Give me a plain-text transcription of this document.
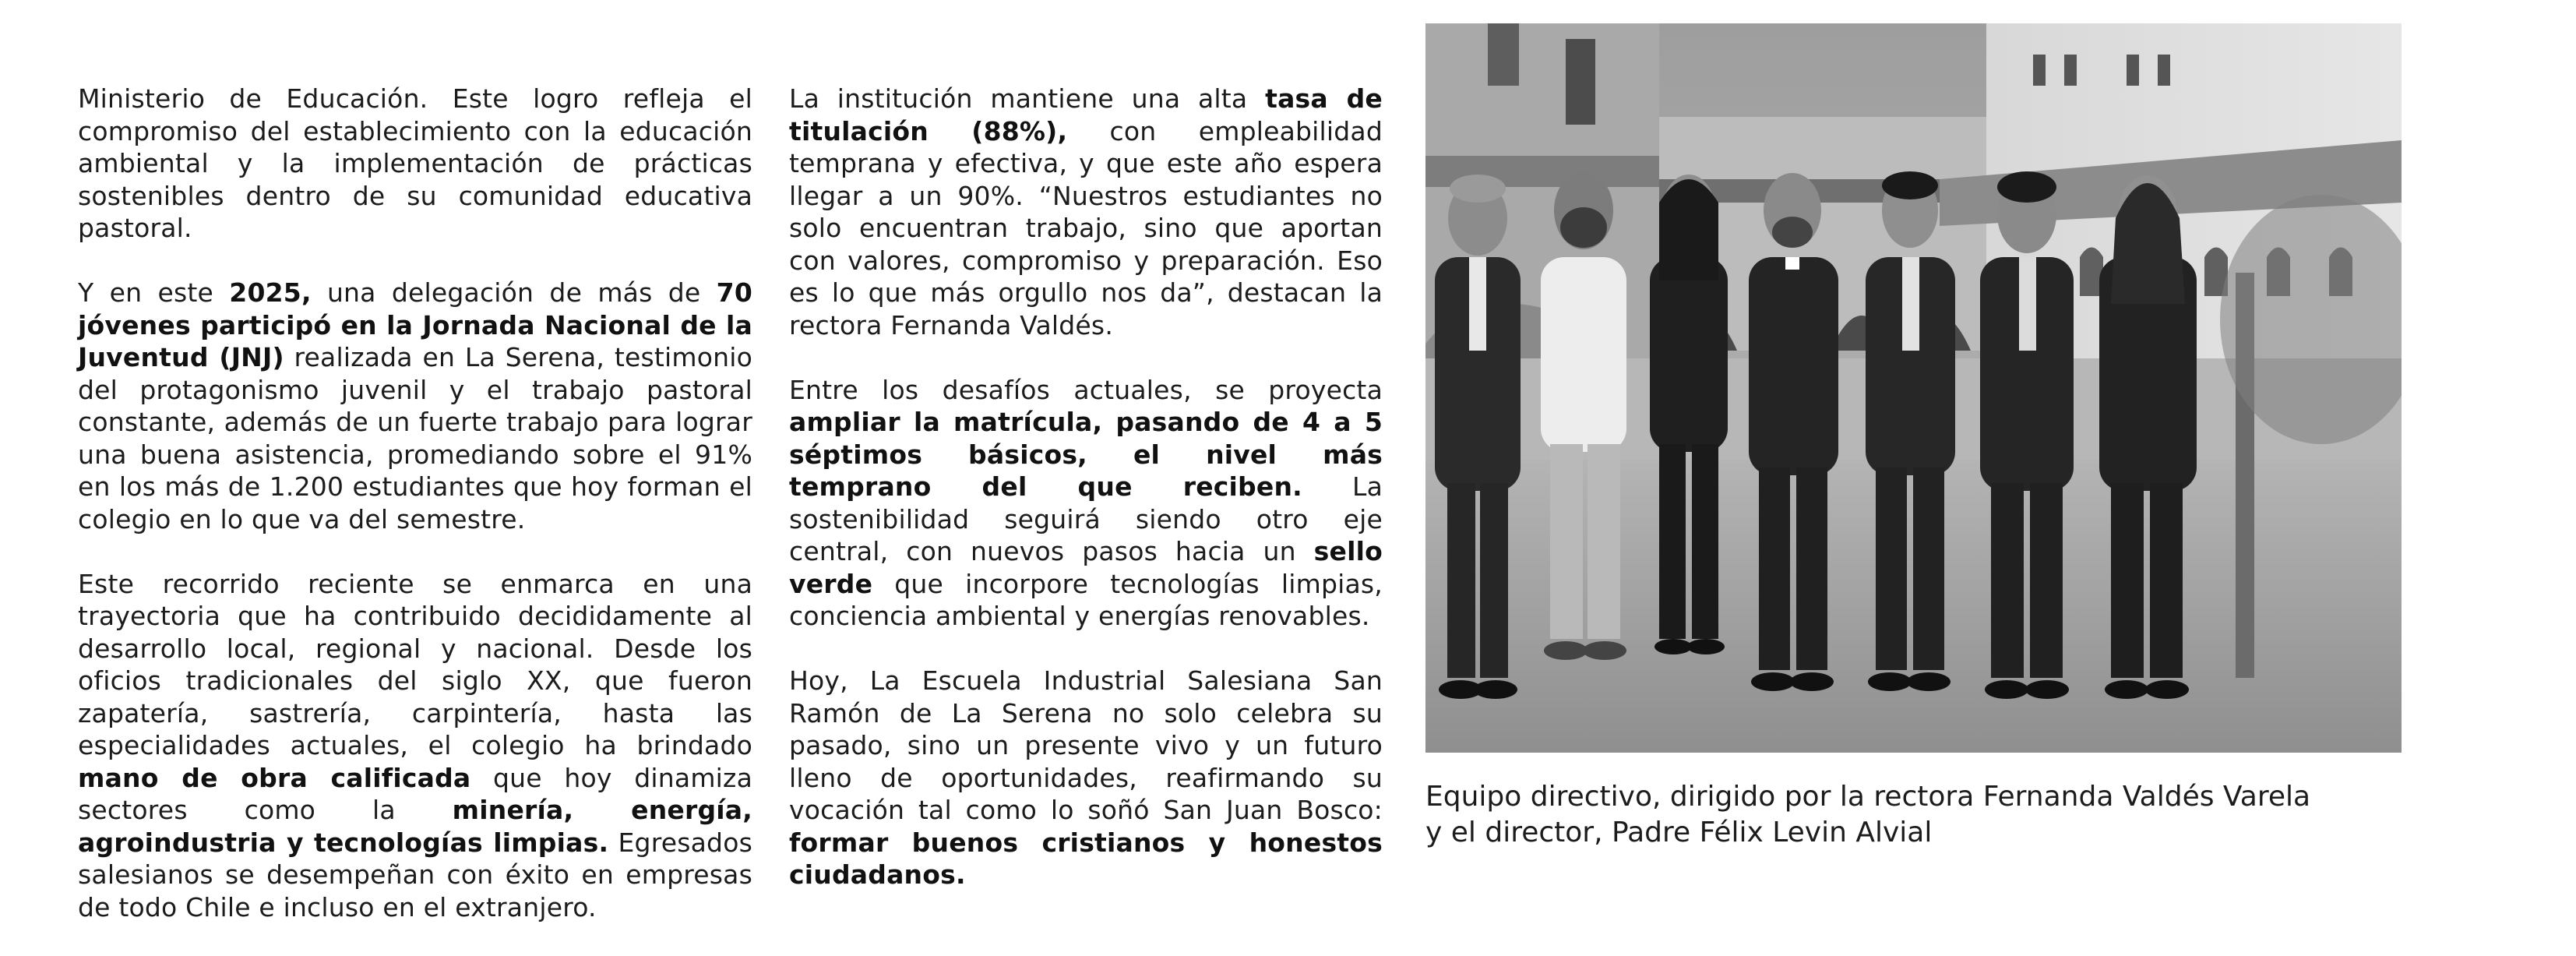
Ministerio de Educación. Este logro refleja el compromiso del establecimiento con la educación ambiental y la implementación de prácticas sostenibles dentro de su comunidad educativa pastoral.

Y en este 2025, una delegación de más de 70 jóvenes participó en la Jornada Nacional de la Juventud (JNJ) realizada en La Serena, testimonio del protagonismo juvenil y el trabajo pastoral constante, además de un fuerte trabajo para lograr una buena asistencia, promediando sobre el 91% en los más de 1.200 estudiantes que hoy forman el colegio en lo que va del semestre.

Este recorrido reciente se enmarca en una trayectoria que ha contribuido decididamente al desarrollo local, regional y nacional. Desde los oficios tradicionales del siglo XX, que fueron zapatería, sastrería, carpintería, hasta las especialidades actuales, el colegio ha brindado mano de obra calificada que hoy dinamiza sectores como la minería, energía, agroindustria y tecnologías limpias. Egresados salesianos se desempeñan con éxito en empresas de todo Chile e incluso en el extranjero.

La institución mantiene una alta tasa de titulación (88%), con empleabilidad temprana y efectiva, y que este año espera llegar a un 90%. “Nuestros estudiantes no solo encuentran trabajo, sino que aportan con valores, compromiso y preparación. Eso es lo que más orgullo nos da”, destacan la rectora Fernanda Valdés.

Entre los desafíos actuales, se proyecta ampliar la matrícula, pasando de 4 a 5 séptimos básicos, el nivel más temprano del que reciben. La sostenibilidad seguirá siendo otro eje central, con nuevos pasos hacia un sello verde que incorpore tecnologías limpias, conciencia ambiental y energías renovables.

Hoy, La Escuela Industrial Salesiana San Ramón de La Serena no solo celebra su pasado, sino un presente vivo y un futuro lleno de oportunidades, reafirmando su vocación tal como lo soñó San Juan Bosco: formar buenos cristianos y honestos ciudadanos.

Equipo directivo, dirigido por la rectora Fernanda Valdés Varela
y el director, Padre Félix Levin Alvial
